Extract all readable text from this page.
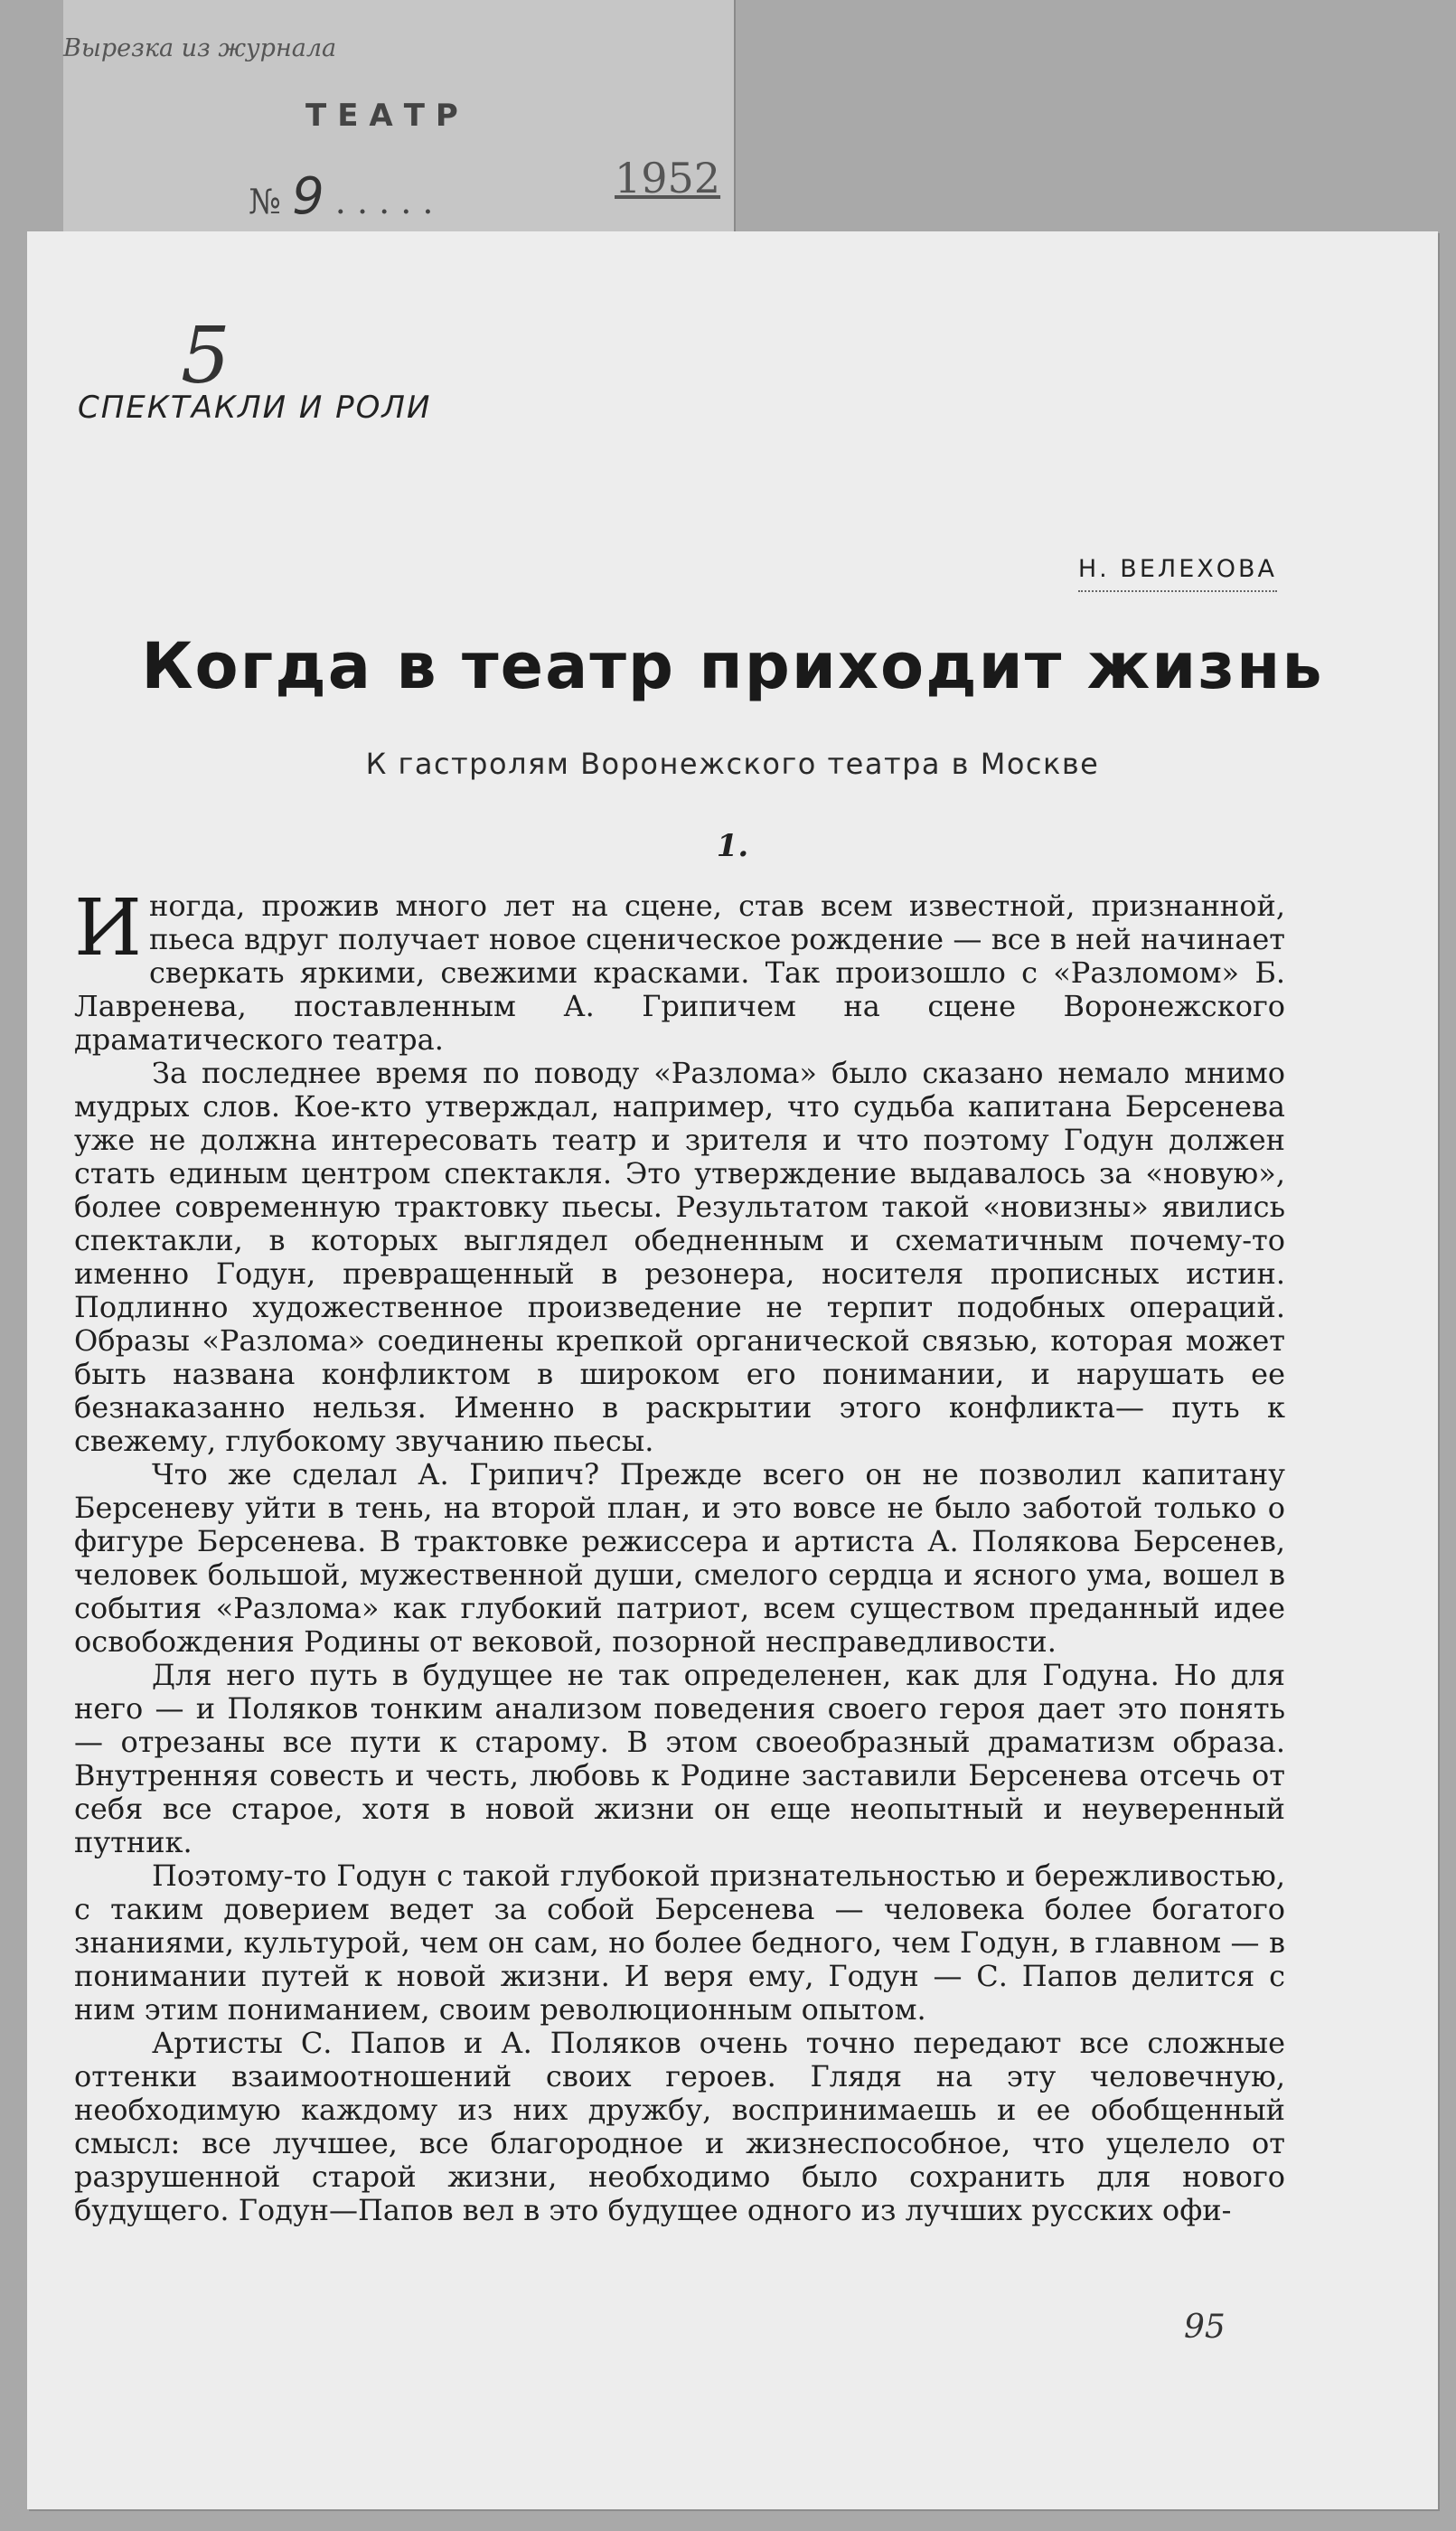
Вырезка из журнала
ТЕАТР
№ 9 . . . . .	1952
5
СПЕКТАКЛИ И РОЛИ
Н. ВЕЛЕХОВА
Когда в театр приходит жизнь
К гастролям Воронежского театра в Москве
1.

Иногда, прожив много лет на сцене, став всем известной, признанной, пьеса вдруг получает новое сценическое рождение — все в ней начинает сверкать яркими, свежими красками. Так произошло с «Разломом» Б. Лавренева, поставленным А. Грипичем на сцене Воронежского драматического театра.

За последнее время по поводу «Разлома» было сказано немало мнимо мудрых слов. Кое-кто утверждал, например, что судьба капитана Берсенева уже не должна интересовать театр и зрителя и что поэтому Годун должен стать единым центром спектакля. Это утверждение выдавалось за «новую», более современную трактовку пьесы. Результатом такой «новизны» явились спектакли, в которых выглядел обедненным и схематичным почему-то именно Годун, превращенный в резонера, носителя прописных истин. Подлинно художественное произведение не терпит подобных операций. Образы «Разлома» соединены крепкой органической связью, которая может быть названа конфликтом в широком его понимании, и нарушать ее безнаказанно нельзя. Именно в раскрытии этого конфликта— путь к свежему, глубокому звучанию пьесы.

Что же сделал А. Грипич? Прежде всего он не позволил капитану Берсеневу уйти в тень, на второй план, и это вовсе не было заботой только о фигуре Берсенева. В трактовке режиссера и артиста А. Полякова Берсенев, человек большой, мужественной души, смелого сердца и ясного ума, вошел в события «Разлома» как глубокий патриот, всем существом преданный идее освобождения Родины от вековой, позорной несправедливости.

Для него путь в будущее не так определенен, как для Годуна. Но для него — и Поляков тонким анализом поведения своего героя дает это понять — отрезаны все пути к старому. В этом своеобразный драматизм образа. Внутренняя совесть и честь, любовь к Родине заставили Берсенева отсечь от себя все старое, хотя в новой жизни он еще неопытный и неуверенный путник.

Поэтому-то Годун с такой глубокой признательностью и бережливостью, с таким доверием ведет за собой Берсенева — человека более богатого знаниями, культурой, чем он сам, но более бедного, чем Годун, в главном — в понимании путей к новой жизни. И веря ему, Годун — С. Папов делится с ним этим пониманием, своим революционным опытом.

Артисты С. Папов и А. Поляков очень точно передают все сложные оттенки взаимоотношений своих героев. Глядя на эту человечную, необходимую каждому из них дружбу, воспринимаешь и ее обобщенный смысл: все лучшее, все благородное и жизнеспособное, что уцелело от разрушенной старой жизни, необходимо было сохранить для нового будущего. Годун—Папов вел в это будущее одного из лучших русских офи-

95
